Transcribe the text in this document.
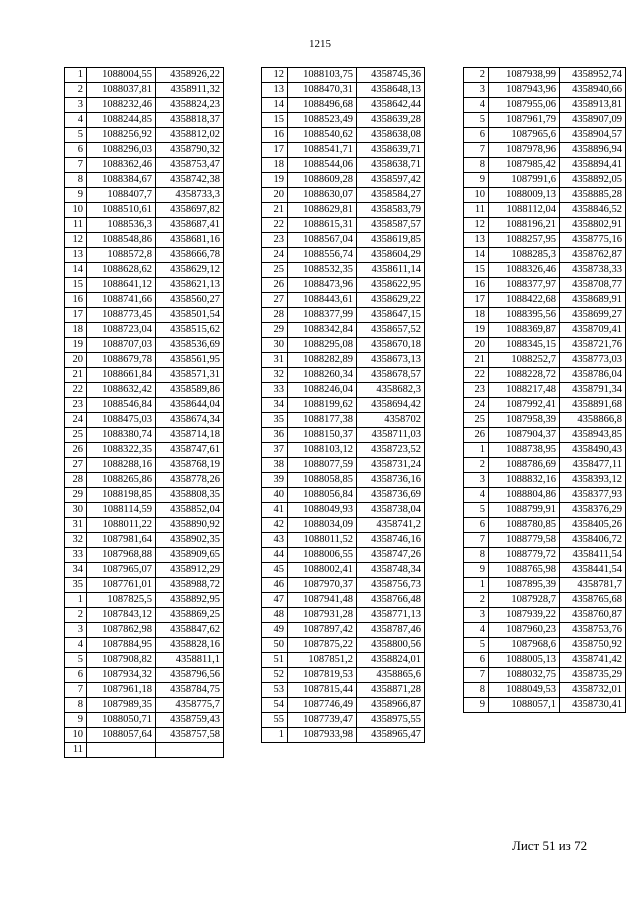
1215
1	1088004,55	4358926,22
2	1088037,81	4358911,32
3	1088232,46	4358824,23
4	1088244,85	4358818,37
5	1088256,92	4358812,02
6	1088296,03	4358790,32
7	1088362,46	4358753,47
8	1088384,67	4358742,38
9	1088407,7	4358733,3
10	1088510,61	4358697,82
11	1088536,3	4358687,41
12	1088548,86	4358681,16
13	1088572,8	4358666,78
14	1088628,62	4358629,12
15	1088641,12	4358621,13
16	1088741,66	4358560,27
17	1088773,45	4358501,54
18	1088723,04	4358515,62
19	1088707,03	4358536,69
20	1088679,78	4358561,95
21	1088661,84	4358571,31
22	1088632,42	4358589,86
23	1088546,84	4358644,04
24	1088475,03	4358674,34
25	1088380,74	4358714,18
26	1088322,35	4358747,61
27	1088288,16	4358768,19
28	1088265,86	4358778,26
29	1088198,85	4358808,35
30	1088114,59	4358852,04
31	1088011,22	4358890,92
32	1087981,64	4358902,35
33	1087968,88	4358909,65
34	1087965,07	4358912,29
35	1087761,01	4358988,72
1	1087825,5	4358892,95
2	1087843,12	4358869,25
3	1087862,98	4358847,62
4	1087884,95	4358828,16
5	1087908,82	4358811,1
6	1087934,32	4358796,56
7	1087961,18	4358784,75
8	1087989,35	4358775,7
9	1088050,71	4358759,43
10	1088057,64	4358757,58
11		
12	1088103,75	4358745,36
13	1088470,31	4358648,13
14	1088496,68	4358642,44
15	1088523,49	4358639,28
16	1088540,62	4358638,08
17	1088541,71	4358639,71
18	1088544,06	4358638,71
19	1088609,28	4358597,42
20	1088630,07	4358584,27
21	1088629,81	4358583,79
22	1088615,31	4358587,57
23	1088567,04	4358619,85
24	1088556,74	4358604,29
25	1088532,35	4358611,14
26	1088473,96	4358622,95
27	1088443,61	4358629,22
28	1088377,99	4358647,15
29	1088342,84	4358657,52
30	1088295,08	4358670,18
31	1088282,89	4358673,13
32	1088260,34	4358678,57
33	1088246,04	4358682,3
34	1088199,62	4358694,42
35	1088177,38	4358702
36	1088150,37	4358711,03
37	1088103,12	4358723,52
38	1088077,59	4358731,24
39	1088058,85	4358736,16
40	1088056,84	4358736,69
41	1088049,93	4358738,04
42	1088034,09	4358741,2
43	1088011,52	4358746,16
44	1088006,55	4358747,26
45	1088002,41	4358748,34
46	1087970,37	4358756,73
47	1087941,48	4358766,48
48	1087931,28	4358771,13
49	1087897,42	4358787,46
50	1087875,22	4358800,56
51	1087851,2	4358824,01
52	1087819,53	4358865,6
53	1087815,44	4358871,28
54	1087746,49	4358966,87
55	1087739,47	4358975,55
1	1087933,98	4358965,47
2	1087938,99	4358952,74
3	1087943,96	4358940,66
4	1087955,06	4358913,81
5	1087961,79	4358907,09
6	1087965,6	4358904,57
7	1087978,96	4358896,94
8	1087985,42	4358894,41
9	1087991,6	4358892,05
10	1088009,13	4358885,28
11	1088112,04	4358846,52
12	1088196,21	4358802,91
13	1088257,95	4358775,16
14	1088285,3	4358762,87
15	1088326,46	4358738,33
16	1088377,97	4358708,77
17	1088422,68	4358689,91
18	1088395,56	4358699,27
19	1088369,87	4358709,41
20	1088345,15	4358721,76
21	1088252,7	4358773,03
22	1088228,72	4358786,04
23	1088217,48	4358791,34
24	1087992,41	4358891,68
25	1087958,39	4358866,8
26	1087904,37	4358943,85
1	1088738,95	4358490,43
2	1088786,69	4358477,11
3	1088832,16	4358393,12
4	1088804,86	4358377,93
5	1088799,91	4358376,29
6	1088780,85	4358405,26
7	1088779,58	4358406,72
8	1088779,72	4358411,54
9	1088765,98	4358441,54
1	1087895,39	4358781,7
2	1087928,7	4358765,68
3	1087939,22	4358760,87
4	1087960,23	4358753,76
5	1087968,6	4358750,92
6	1088005,13	4358741,42
7	1088032,75	4358735,29
8	1088049,53	4358732,01
9	1088057,1	4358730,41
Лист 51 из 72
